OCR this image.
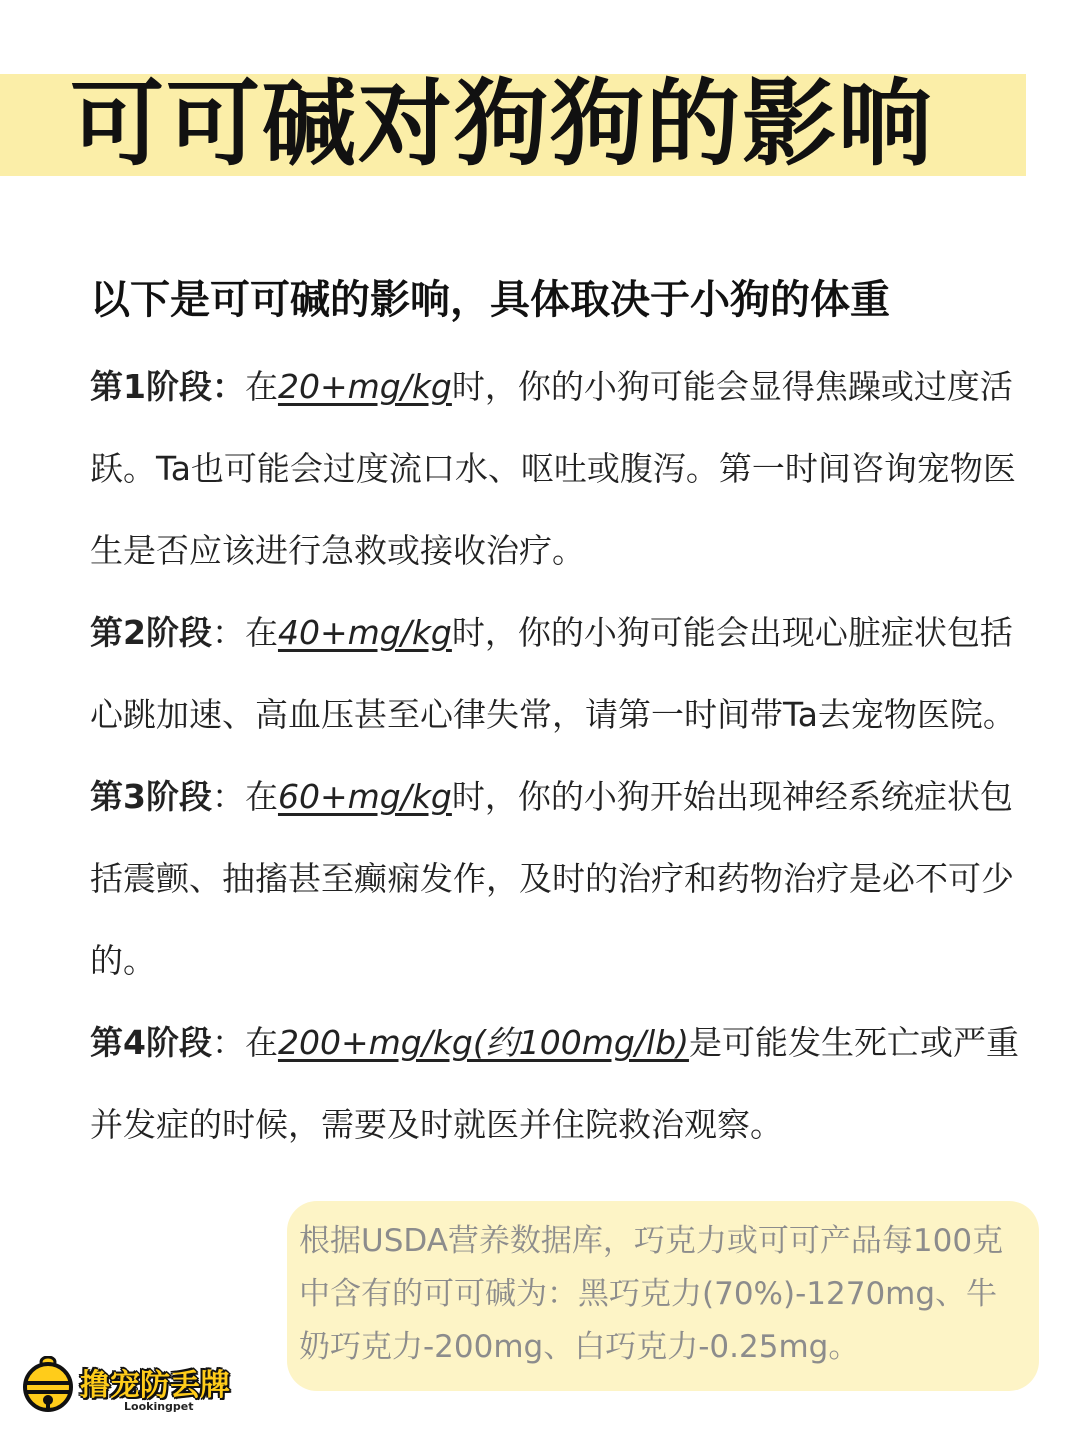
可可碱对狗狗的影响
以下是可可碱的影响，具体取决于小狗的体重

第1阶段：在20+mg/kg时，你的小狗可能会显得焦躁或过度活跃。Ta也可能会过度流口水、呕吐或腹泻。第一时间咨询宠物医生是否应该进行急救或接收治疗。

第2阶段：在40+mg/kg时，你的小狗可能会出现心脏症状包括心跳加速、高血压甚至心律失常，请第一时间带Ta去宠物医院。

第3阶段：在60+mg/kg时，你的小狗开始出现神经系统症状包括震颤、抽搐甚至癫痫发作，及时的治疗和药物治疗是必不可少的。

第4阶段：在200+mg/kg(约100mg/lb)是可能发生死亡或严重并发症的时候，需要及时就医并住院救治观察。

根据USDA营养数据库，巧克力或可可产品每100克中含有的可可碱为：黑巧克力(70%)-1270mg、牛奶巧克力-200mg、白巧克力-0.25mg。
撸宠防丢牌
Lookingpet
